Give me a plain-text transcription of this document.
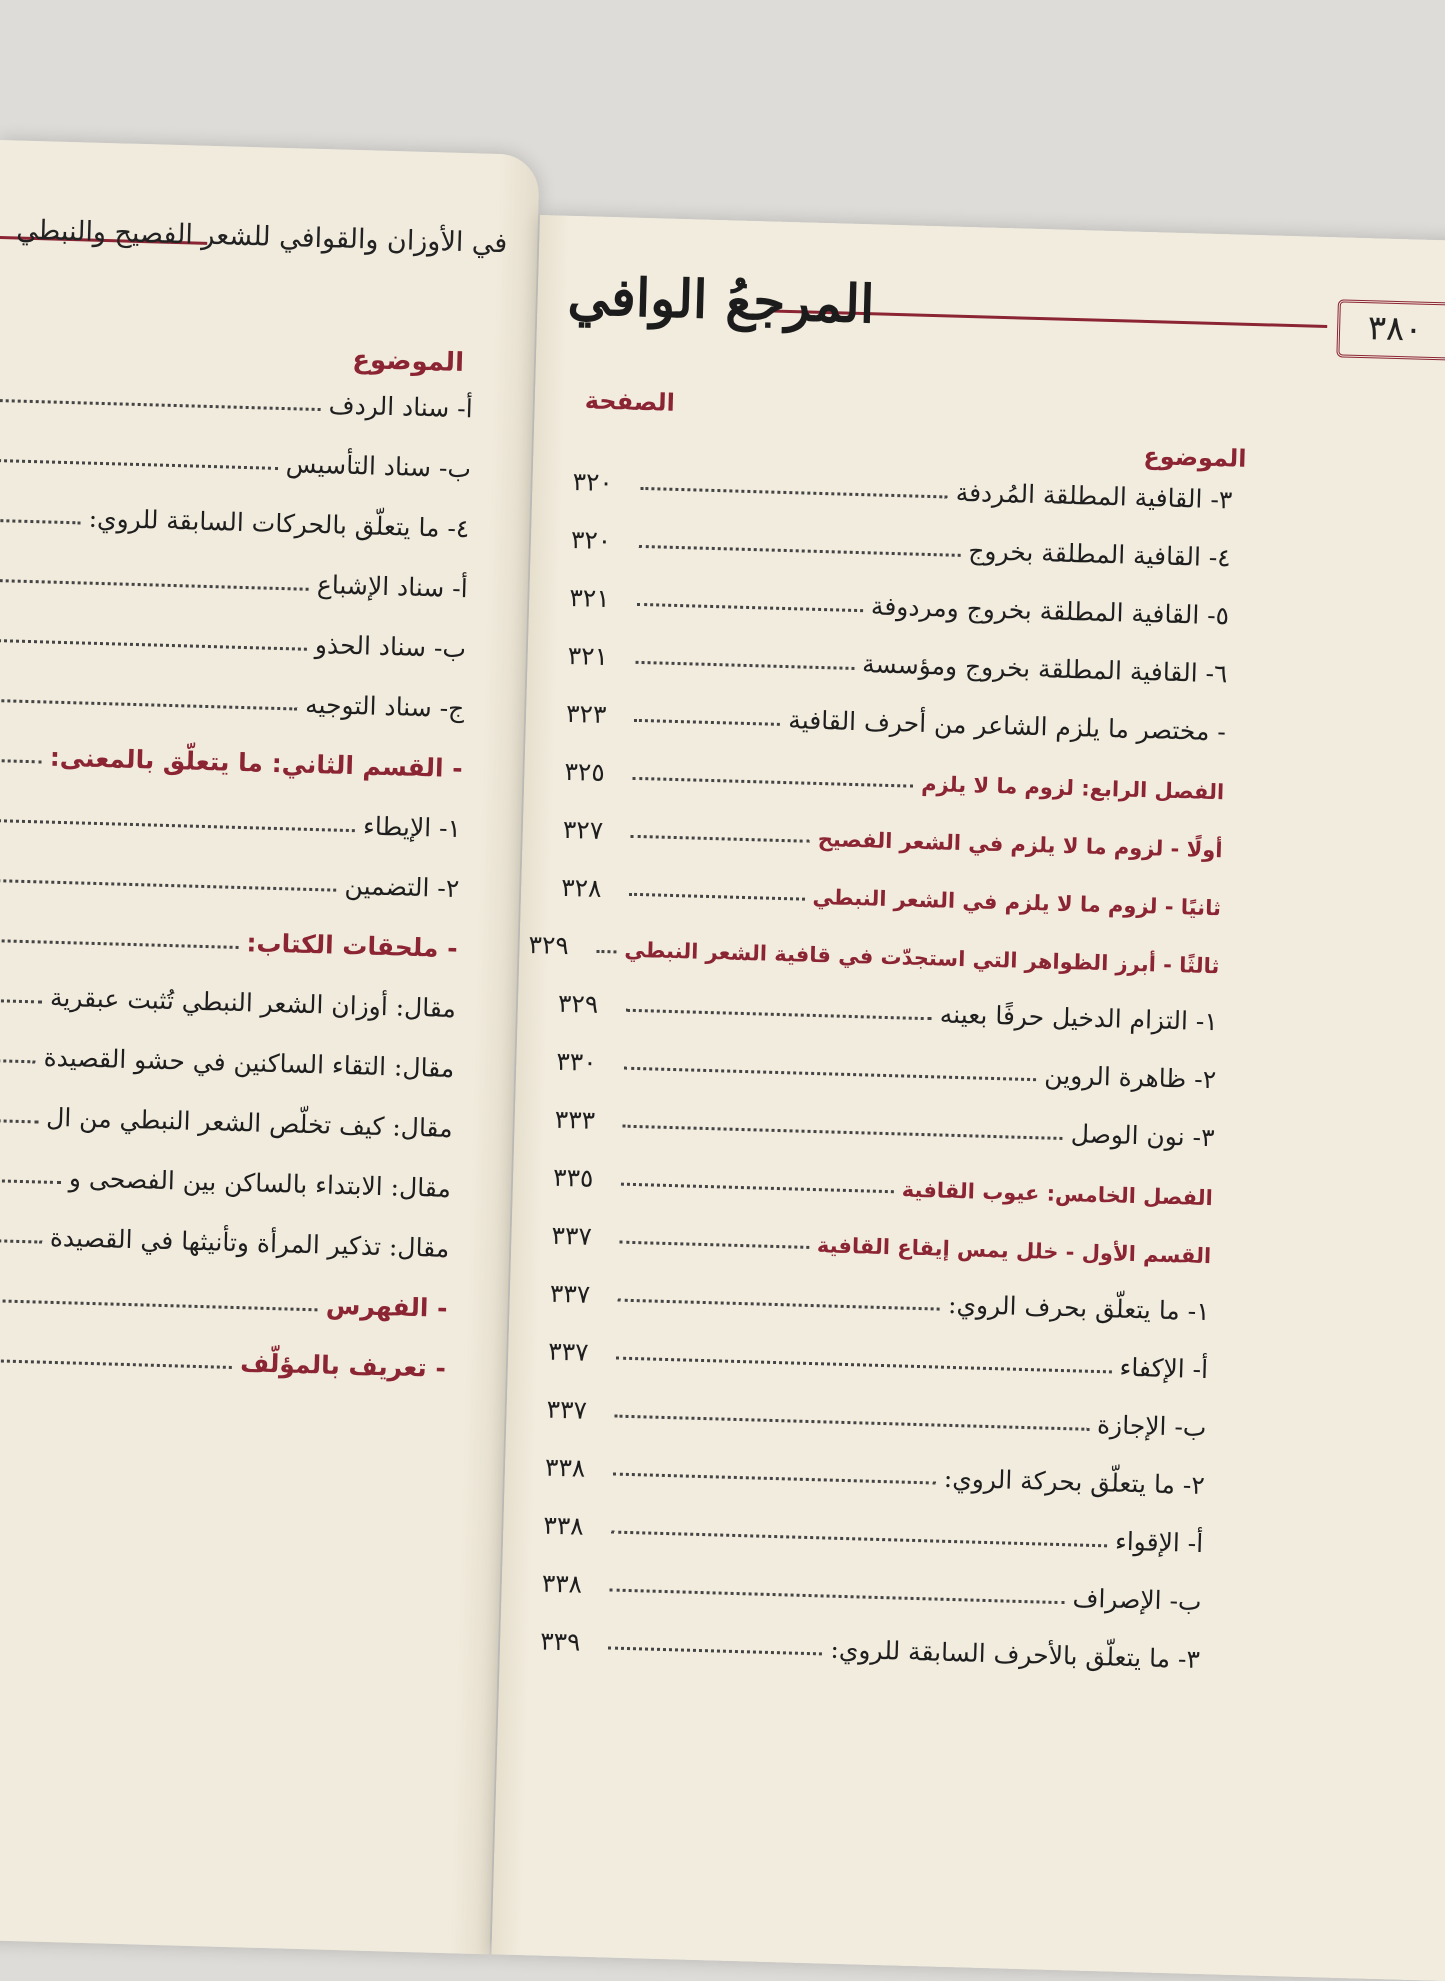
في الأوزان والقوافي للشعر الفصيح والنبطي
الموضوع
أ- سناد الردف
ب- سناد التأسيس
٤- ما يتعلّق بالحركات السابقة للروي:
أ- سناد الإشباع
ب- سناد الحذو
ج- سناد التوجيه
- القسم الثاني: ما يتعلّق بالمعنى:
١- الإيطاء
٢- التضمين
- ملحقات الكتاب:
مقال: أوزان الشعر النبطي تُثبت عبقرية
مقال: التقاء الساكنين في حشو القصيدة
مقال: كيف تخلّص الشعر النبطي من ال
مقال: الابتداء بالساكن بين الفصحى و
مقال: تذكير المرأة وتأنيثها في القصيدة
- الفهرس
- تعريف بالمؤلّف
٣٨٠
المرجعُ الوافي
الصفحة
الموضوع
٣- القافية المطلقة المُردفة
٣٢٠
٤- القافية المطلقة بخروج
٣٢٠
٥- القافية المطلقة بخروج ومردوفة
٣٢١
٦- القافية المطلقة بخروج ومؤسسة
٣٢١
- مختصر ما يلزم الشاعر من أحرف القافية
٣٢٣
الفصل الرابع: لزوم ما لا يلزم
٣٢٥
أولًا - لزوم ما لا يلزم في الشعر الفصيح
٣٢٧
ثانيًا - لزوم ما لا يلزم في الشعر النبطي
٣٢٨
ثالثًا - أبرز الظواهر التي استجدّت في قافية الشعر النبطي
٣٢٩
١- التزام الدخيل حرفًا بعينه
٣٢٩
٢- ظاهرة الروين
٣٣٠
٣- نون الوصل
٣٣٣
الفصل الخامس: عيوب القافية
٣٣٥
القسم الأول - خلل يمس إيقاع القافية
٣٣٧
١- ما يتعلّق بحرف الروي:
٣٣٧
أ- الإكفاء
٣٣٧
ب- الإجازة
٣٣٧
٢- ما يتعلّق بحركة الروي:
٣٣٨
أ- الإقواء
٣٣٨
ب- الإصراف
٣٣٨
٣- ما يتعلّق بالأحرف السابقة للروي:
٣٣٩
